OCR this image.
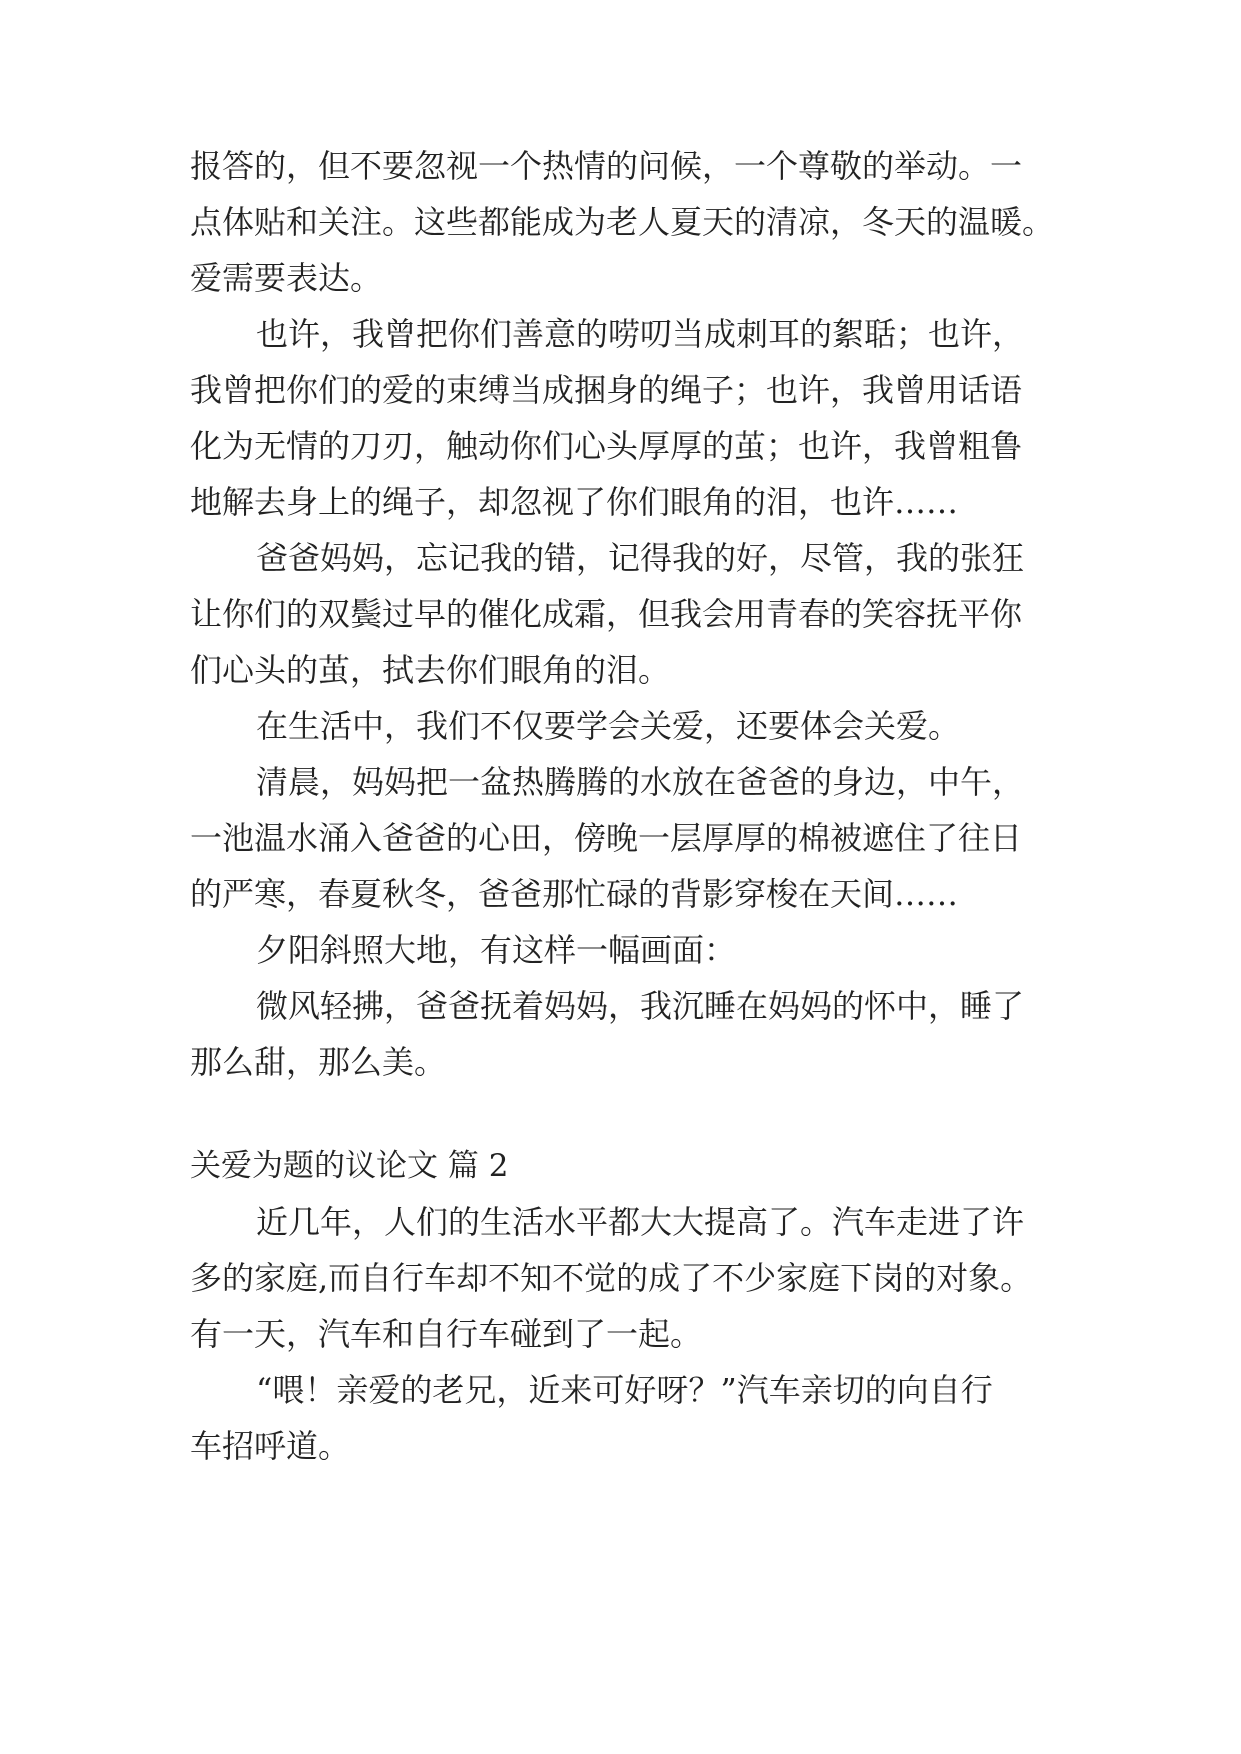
报答的，但不要忽视一个热情的问候，一个尊敬的举动。一
点体贴和关注。这些都能成为老人夏天的清凉，冬天的温暖。
爱需要表达。
也许，我曾把你们善意的唠叨当成刺耳的絮聒；也许，
我曾把你们的爱的束缚当成捆身的绳子；也许，我曾用话语
化为无情的刀刃，触动你们心头厚厚的茧；也许，我曾粗鲁
地解去身上的绳子，却忽视了你们眼角的泪，也许……
爸爸妈妈，忘记我的错，记得我的好，尽管，我的张狂
让你们的双鬓过早的催化成霜，但我会用青春的笑容抚平你
们心头的茧，拭去你们眼角的泪。
在生活中，我们不仅要学会关爱，还要体会关爱。
清晨，妈妈把一盆热腾腾的水放在爸爸的身边，中午，
一池温水涌入爸爸的心田，傍晚一层厚厚的棉被遮住了往日
的严寒，春夏秋冬，爸爸那忙碌的背影穿梭在天间……
夕阳斜照大地，有这样一幅画面：
微风轻拂，爸爸抚着妈妈，我沉睡在妈妈的怀中，睡了
那么甜，那么美。
关爱为题的议论文 篇 2
近几年，人们的生活水平都大大提高了。汽车走进了许
多的家庭,而自行车却不知不觉的成了不少家庭下岗的对象。
有一天，汽车和自行车碰到了一起。
“喂！亲爱的老兄，近来可好呀？”汽车亲切的向自行
车招呼道。
